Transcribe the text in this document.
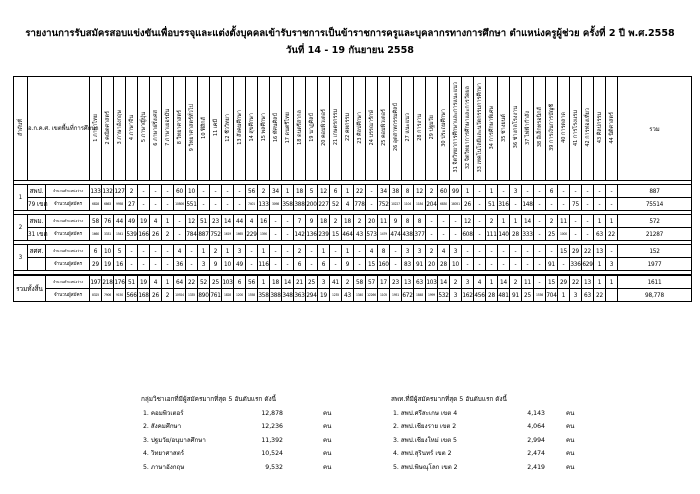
รายงานการรับสมัครสอบแข่งขันเพื่อบรรจุและแต่งตั้งบุคคลเข้ารับราชการเป็นข้าราชการครูและบุคลากรทางการศึกษา ตำแหน่งครูผู้ช่วย ครั้งที่ 2 ปี พ.ศ.2558
วันที่ 14 - 19 กันยายน 2558
ลำดับที่	อ.ก.ค.ศ. เขตพื้นที่การศึกษา		1 ภาษาไทย	2 คณิตศาสตร์	3 ภาษาอังกฤษ	4 ภาษาจีน	5 ภาษาญี่ปุ่น	6 ภาษาฝรั่งเศส	7 ภาษาเยอรมัน	8 วิทยาศาสตร์	9 วิทยาศาสตร์ทั่วไป	10 ฟิสิกส์	11 เคมี	12 ชีววิทยา	13 สังคมศึกษา	14 สุขศึกษา	15 พลศึกษา	16 ทัศนศิลป์	17 ดนตรีไทย	18 ดนตรีสากล	19 นาฏศิลป์	20 คอมพิวเตอร์	21 เกษตรกรรม	22 คหกรรม	23 ศิลปศึกษา	24 บรรณารักษ์	25 คอมพิวเตอร์	26 อุตสาหกรรมศิลป์	27 แนะแนว	28 การงาน	29 ปฐมวัย	30 ประถมศึกษา	31 จิตวิทยาการศึกษาและการแนะแนว	32 จิตวิทยาการศึกษาและการวัดผล	33 เทคโนโลยีและนวัตกรรมการศึกษา	34 การศึกษาพิเศษ	35 ช่างยนต์	36 ช่างกลโรงงาน	37 ไฟฟ้ากำลัง	38 อิเล็กทรอนิกส์	39 การเงินการบัญชี	40 การตลาด	41 การโรงแรม	42 การท่องเที่ยว	43 ศิลปกรรม	44 นิติศาสตร์	รวม

1	สพป.	จำนวนตำแหน่งว่าง	133	132	127	2	-	-	-	60	10	-	-	-	-	56	2	34	1	18	5	12	6	1	22	-	34	38	8	12	2	60	99	1	-	1	-	3	-	-	6	-	-	-	-	-	887
	79 เขต	จำนวนผู้สมัคร	6828	6863	9958	27	-	-	-	10806	551	-	-	-	-	7401	133	3098	358	388	200	227	52	4	778	-	752	10227	1104	1184	204	6830	18051	26	-	51	316	-	148	-	-	-	75	-	-	-	75514

2	สพม.	จำนวนตำแหน่งว่าง	58	76	44	49	19	4	1	-	12	51	23	14	44	4	16	-	-	7	9	18	2	18	2	20	11	9	8	8	-	-	-	12	-	2	1	1	14	-	2	11	-	-	1	1	572
	31 เขต	จำนวนผู้สมัคร	1660	3331	1541	539	166	26	2	-	784	887	752	1619	1665	229	1390	-	-	142	136	239	15	464	43	573	1479	474	438	377	-	-	-	608	-	111	140	28	333	-	25	1000	-	-	63	22	21287

3	สศศ.	จำนวนตำแหน่งว่าง	6	10	5	-	-	-	-	4	-	1	2	1	3	-	1	-	-	2	-	1	-	1	-	4	8	-	3	3	2	4	3	-	-	-	-	-	-	-	-	15	29	22	13	-	152
		จำนวนผู้สมัคร	29	19	16	-	-	-	-	36	-	3	9	10	49	-	116	-	-	6	-	6	-	9	-	15	160	-	83	91	20	28	10	-	-	-	-	-	-	-	91	-	336	629	1	3	1977

รวมทั้งสิ้น		จำนวนตำแหน่งว่าง	197	218	176	51	19	4	1	64	22	52	25	103	6	56	1	18	14	21	25	3	41	2	58	57	17	23	13	63	103	14	2	3	4	1	14	2	11	-	15	29	22	13	1	1	1611
		จำนวนผู้สมัคร	8325	7906	9150	566	168	26	2	10924	1335	890	761	1828	1200	1558	358	388	348	363	294	19	1235	43	1340	12266	1105	1951	672	1848	1999	532	3	162	456	28	481	91	25	1536	704	1	3	63	22		98,778
กลุ่มวิชาเอกที่มีผู้สมัครมากที่สุด 5 อันดับแรก ดังนี้
1. คอมพิวเตอร์	12,878	คน
2. สังคมศึกษา	12,236	คน
3. ปฐมวัย/อนุบาลศึกษา	11,392	คน
4. วิทยาศาสตร์	10,524	คน
5. ภาษาอังกฤษ	9,532	คน
สพท.ที่มีผู้สมัครมากที่สุด 5 อันดับแรก ดังนี้
1. สพป.ศรีสะเกษ เขต 4	4,143	คน
2. สพป.เชียงราย เขต 2	4,064	คน
3. สพป.เชียงใหม่ เขต 5	2,994	คน
4. สพป.สุรินทร์ เขต 2	2,474	คน
5. สพป.พิษณุโลก เขต 2	2,419	คน
